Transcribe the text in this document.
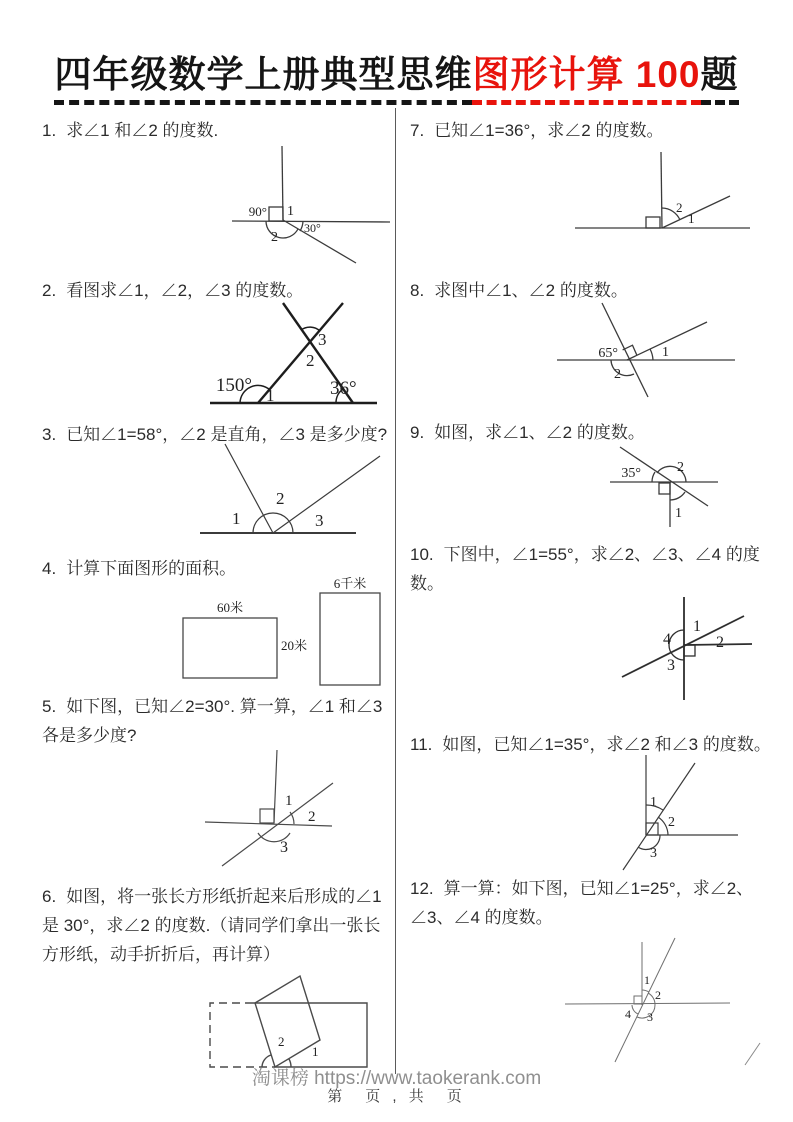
四年级数学上册典型思维图形计算 100题

1. 求∠1 和∠2 的度数.

90° 1
30°
2

2. 看图求∠1，∠2，∠3 的度数。

150° 1
2
3
36°

3. 已知∠1=58°，∠2 是直角，∠3 是多少度?

1
2
3

4. 计算下面图形的面积。

60米
20米
6千米

5. 如下图，已知∠2=30°. 算一算，∠1 和∠3 各是多少度?

1
2
3

6. 如图，将一张长方形纸折起来后形成的∠1 是 30°，求∠2 的度数.（请同学们拿出一张长方形纸，动手折折后，再计算）

2
1

7. 已知∠1=36°，求∠2 的度数。

2
1

8. 求图中∠1、∠2 的度数。

65°	1
2

9. 如图，求∠1、∠2 的度数。

35°	2
1

10. 下图中，∠1=55°，求∠2、∠3、∠4 的度数。

1
2
4
3

11. 如图，已知∠1=35°，求∠2 和∠3 的度数。

1
2
3

12. 算一算：如下图，已知∠1=25°，求∠2、∠3、∠4 的度数。

1
2
3
4
淘课榜 https://www.taokerank.com
第　页 , 共　页
